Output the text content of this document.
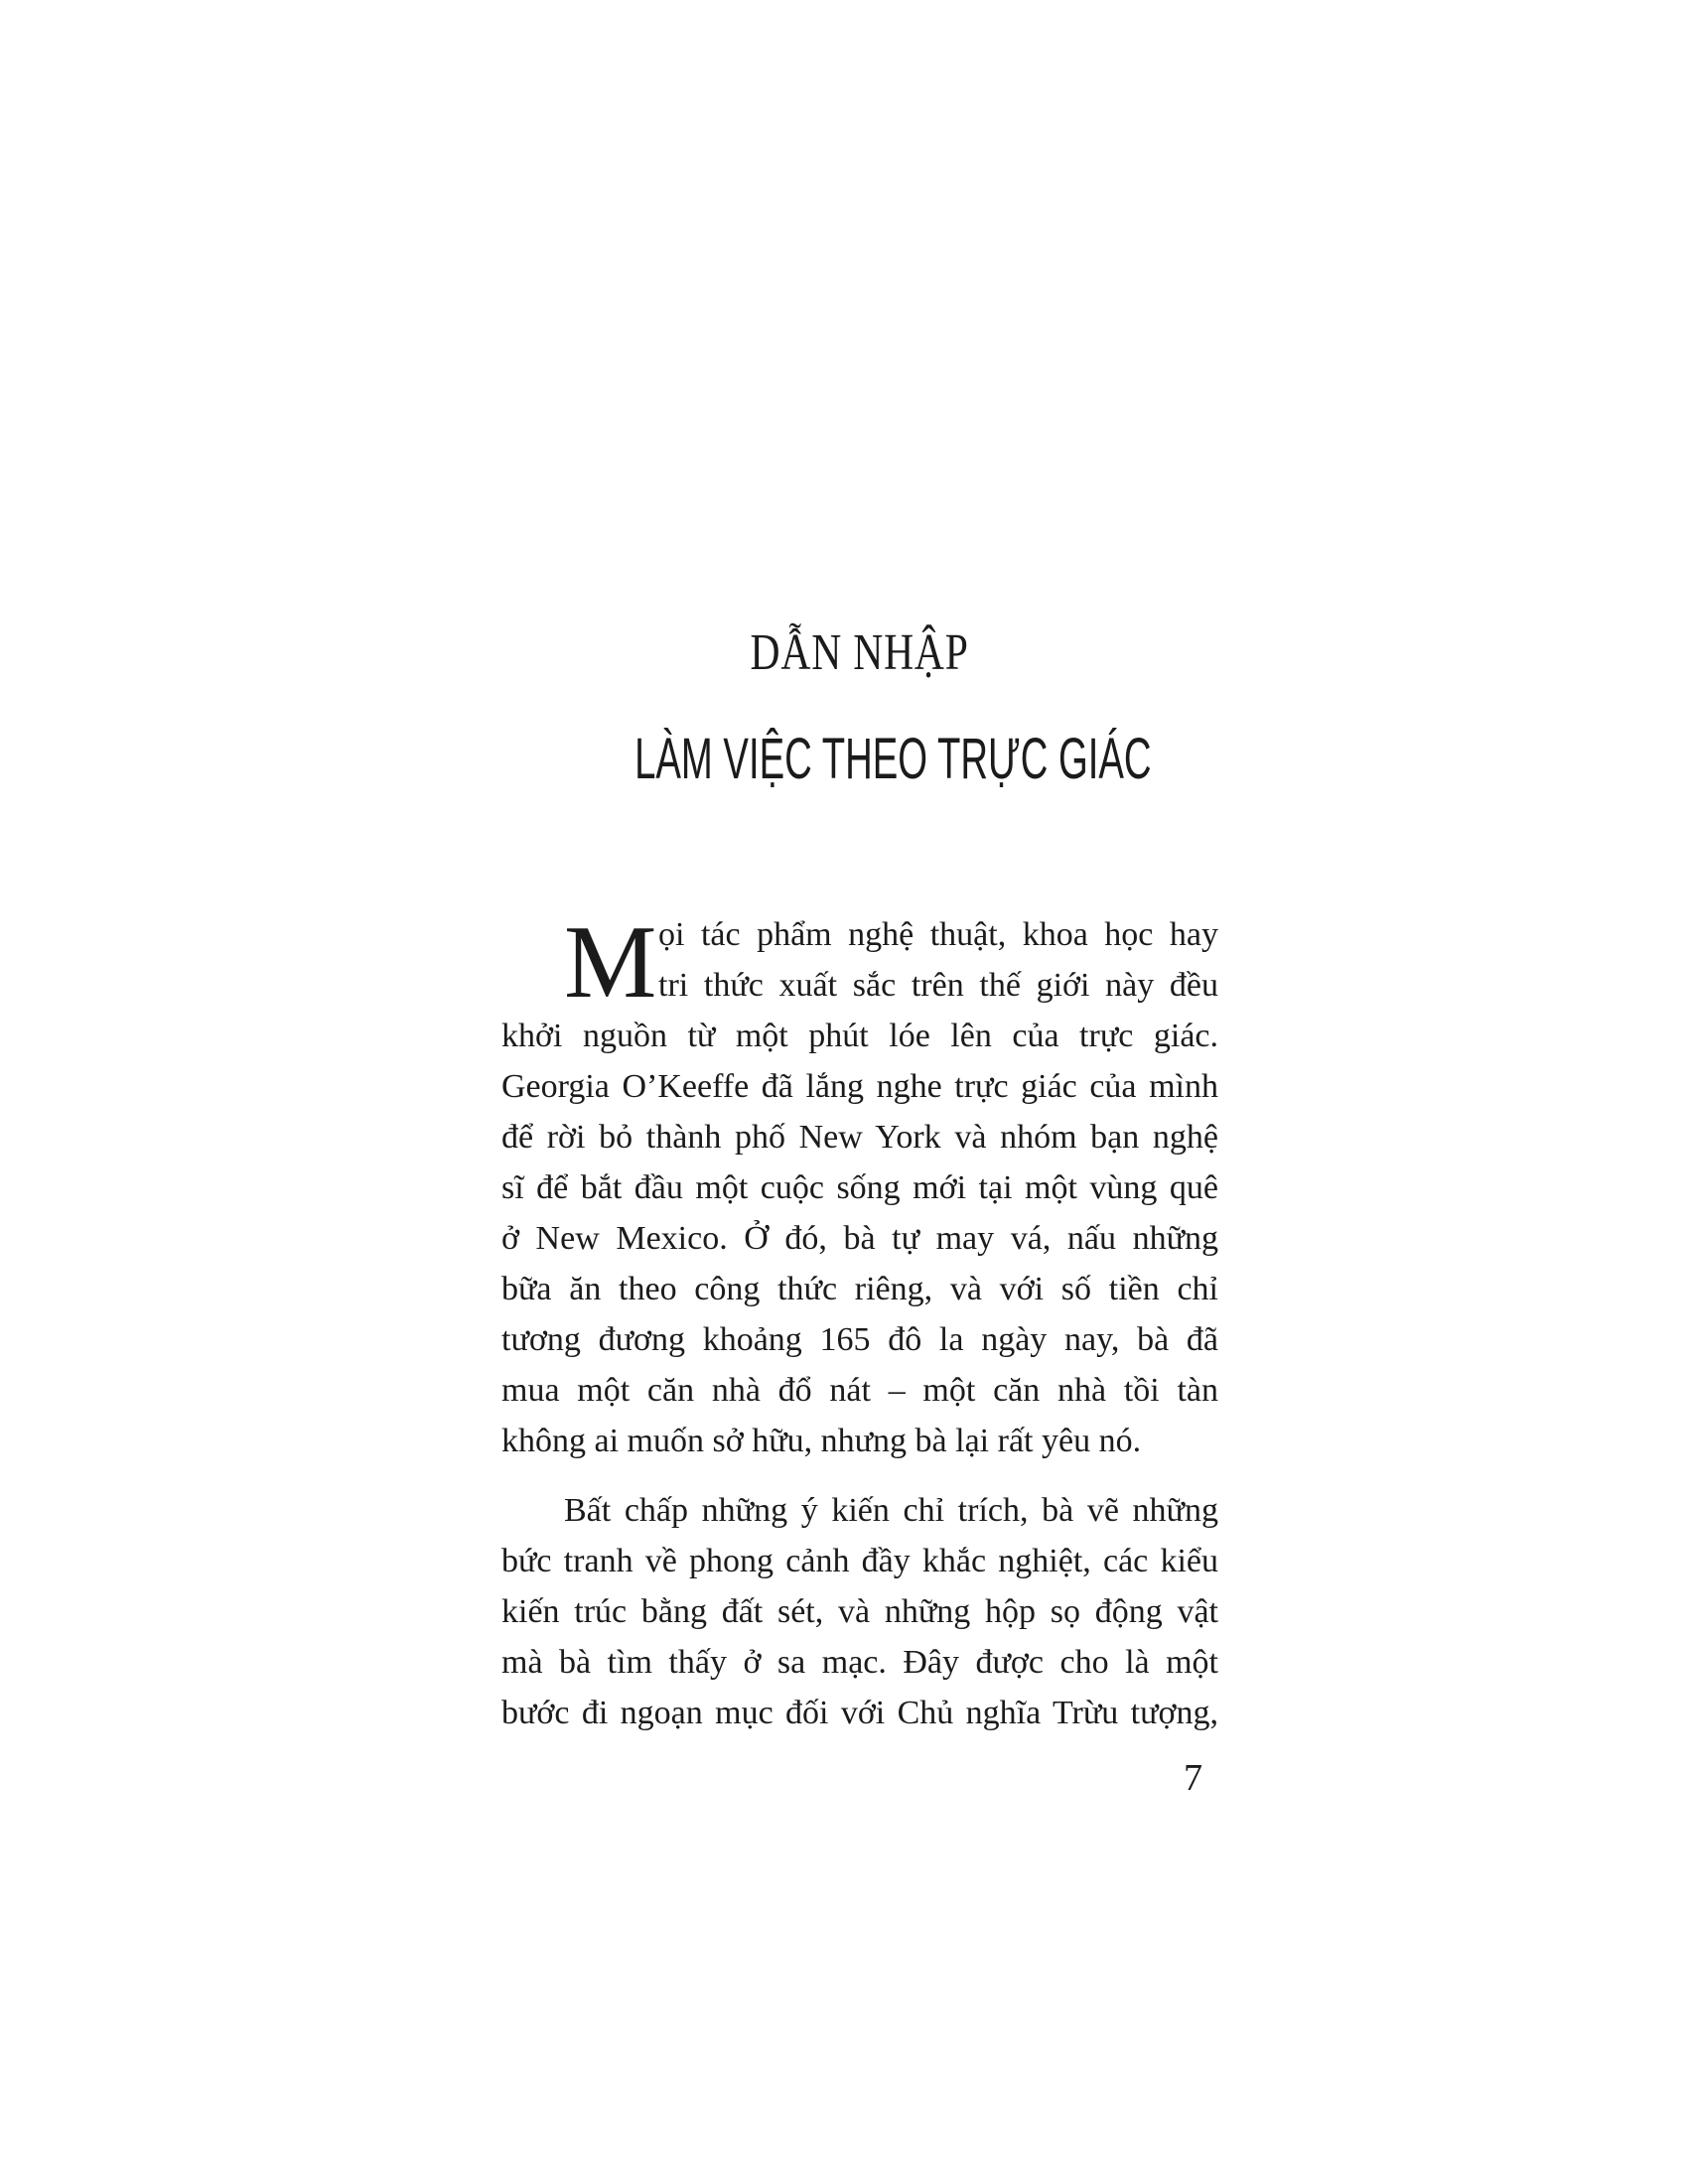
DẪN NHẬP
LÀM VIỆC THEO TRỰC GIÁC
M ọi tác phẩm nghệ thuật, khoa học hay
tri thức xuất sắc trên thế giới này đều
khởi nguồn từ một phút lóe lên của trực giác.
Georgia O’Keeffe đã lắng nghe trực giác của mình
để rời bỏ thành phố New York và nhóm bạn nghệ
sĩ để bắt đầu một cuộc sống mới tại một vùng quê
ở New Mexico. Ở đó, bà tự may vá, nấu những
bữa ăn theo công thức riêng, và với số tiền chỉ
tương đương khoảng 165 đô la ngày nay, bà đã
mua một căn nhà đổ nát – một căn nhà tồi tàn
không ai muốn sở hữu, nhưng bà lại rất yêu nó.
Bất chấp những ý kiến chỉ trích, bà vẽ những
bức tranh về phong cảnh đầy khắc nghiệt, các kiểu
kiến trúc bằng đất sét, và những hộp sọ động vật
mà bà tìm thấy ở sa mạc. Đây được cho là một
bước đi ngoạn mục đối với Chủ nghĩa Trừu tượng,
7
